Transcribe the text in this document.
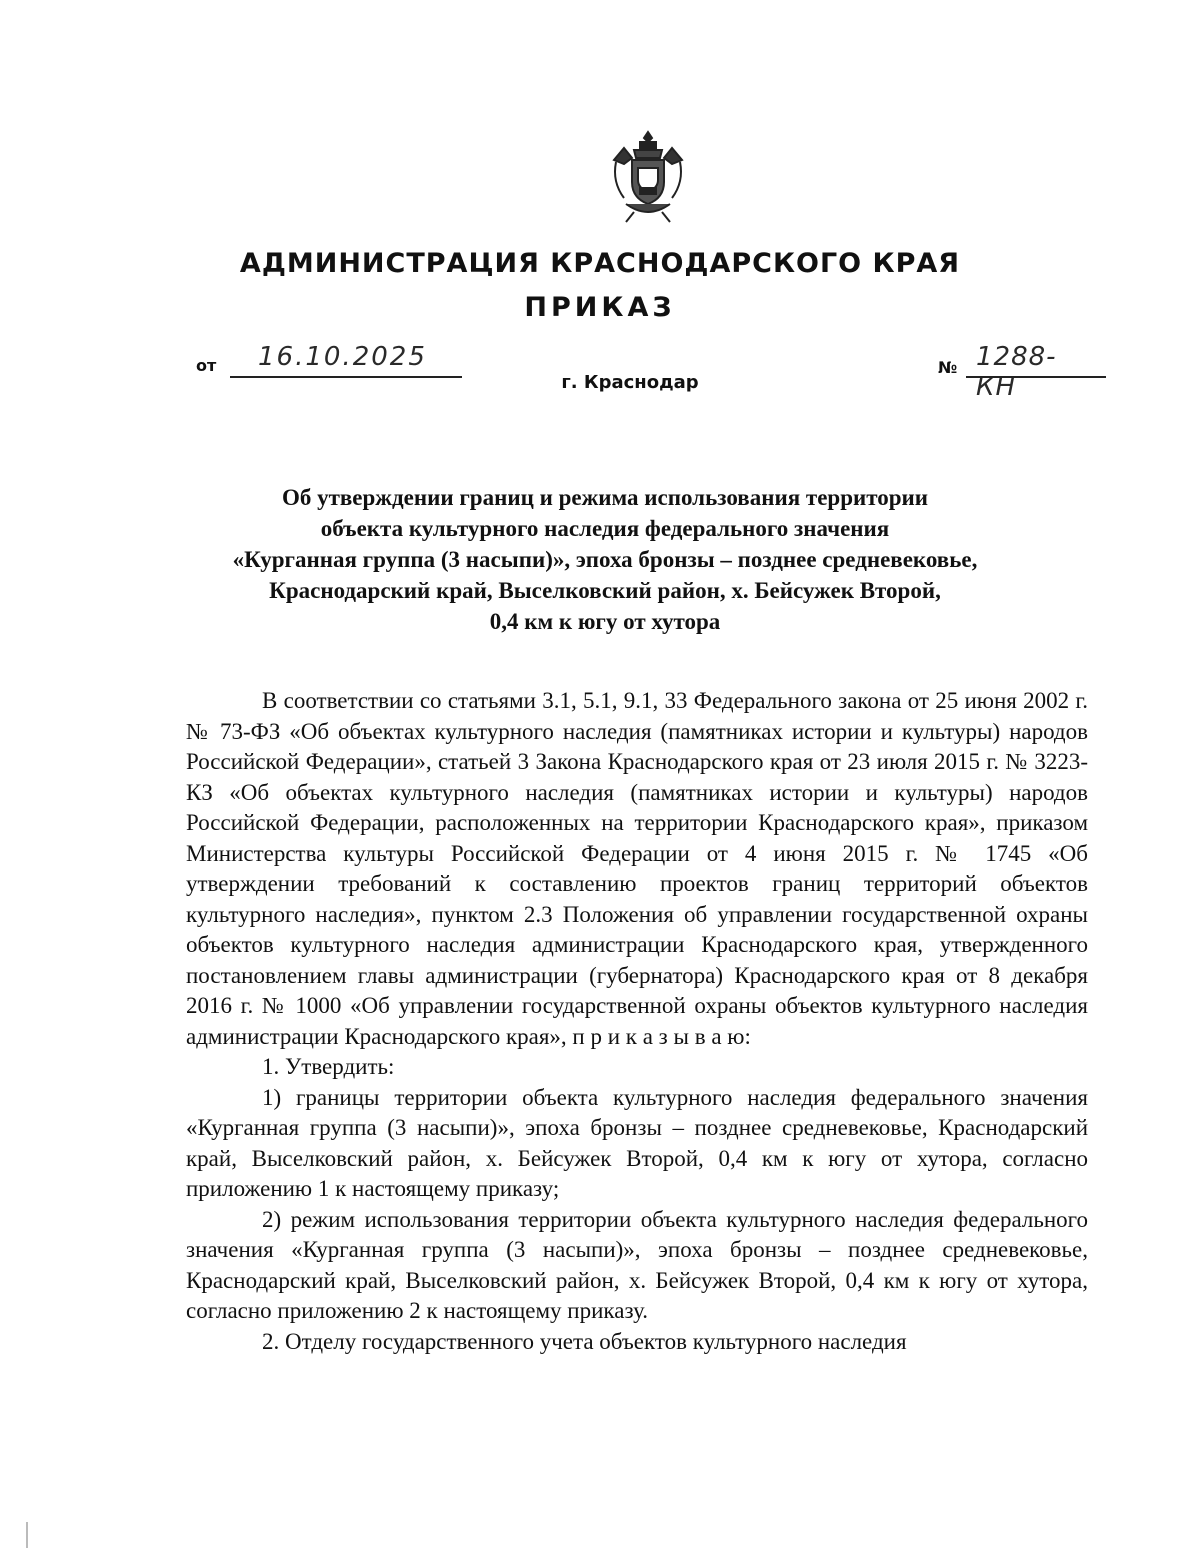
АДМИНИСТРАЦИЯ КРАСНОДАРСКОГО КРАЯ
ПРИКАЗ
от 16.10.2025	№ 1288-КН
г. Краснодар
Об утверждении границ и режима использования территории
объекта культурного наследия федерального значения
«Курганная группа (3 насыпи)», эпоха бронзы – позднее средневековье,
Краснодарский край, Выселковский район, х. Бейсужек Второй,
0,4 км к югу от хутора

В соответствии со статьями 3.1, 5.1, 9.1, 33 Федерального закона от 25 июня 2002 г. № 73-ФЗ «Об объектах культурного наследия (памятниках истории и культуры) народов Российской Федерации», статьей 3 Закона Краснодарского края от 23 июля 2015 г. № 3223-КЗ «Об объектах культурного наследия (памятниках истории и культуры) народов Российской Федерации, расположенных на территории Краснодарского края», приказом Министерства культуры Российской Федерации от 4 июня 2015 г. № 1745 «Об утверждении требований к составлению проектов границ территорий объектов культурного наследия», пунктом 2.3 Положения об управлении государственной охраны объектов культурного наследия администрации Краснодарского края, утвержденного постановлением главы администрации (губернатора) Краснодарского края от 8 декабря 2016 г. № 1000 «Об управлении государственной охраны объектов культурного наследия администрации Краснодарского края», п р и к а з ы в а ю:

1. Утвердить:

1) границы территории объекта культурного наследия федерального значения «Курганная группа (3 насыпи)», эпоха бронзы – позднее средневековье, Краснодарский край, Выселковский район, х. Бейсужек Второй, 0,4 км к югу от хутора, согласно приложению 1 к настоящему приказу;

2) режим использования территории объекта культурного наследия федерального значения «Курганная группа (3 насыпи)», эпоха бронзы – позднее средневековье, Краснодарский край, Выселковский район, х. Бейсужек Второй, 0,4 км к югу от хутора, согласно приложению 2 к настоящему приказу.

2. Отделу государственного учета объектов культурного наследия
